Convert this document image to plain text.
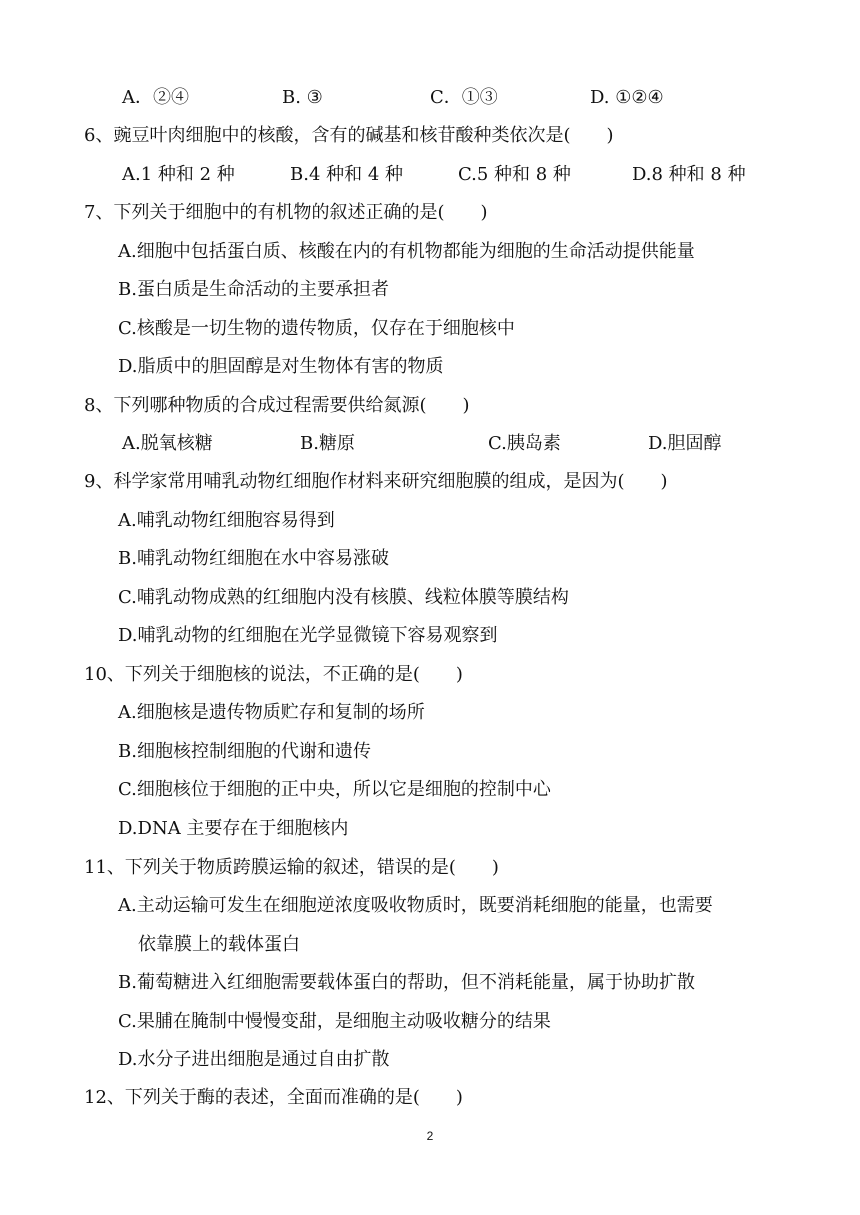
A．②④	B. ③	C．①③	D. ①②④
6、豌豆叶肉细胞中的核酸，含有的碱基和核苷酸种类依次是(　　)
A.1 种和 2 种	B.4 种和 4 种	C.5 种和 8 种	D.8 种和 8 种
7、下列关于细胞中的有机物的叙述正确的是(　　)
A.细胞中包括蛋白质、核酸在内的有机物都能为细胞的生命活动提供能量
B.蛋白质是生命活动的主要承担者
C.核酸是一切生物的遗传物质，仅存在于细胞核中
D.脂质中的胆固醇是对生物体有害的物质
8、下列哪种物质的合成过程需要供给氮源(　　)
A.脱氧核糖	B.糖原	C.胰岛素	D.胆固醇
9、科学家常用哺乳动物红细胞作材料来研究细胞膜的组成，是因为(　　)
A.哺乳动物红细胞容易得到
B.哺乳动物红细胞在水中容易涨破
C.哺乳动物成熟的红细胞内没有核膜、线粒体膜等膜结构
D.哺乳动物的红细胞在光学显微镜下容易观察到
10、下列关于细胞核的说法，不正确的是(　　)
A.细胞核是遗传物质贮存和复制的场所
B.细胞核控制细胞的代谢和遗传
C.细胞核位于细胞的正中央，所以它是细胞的控制中心
D.DNA 主要存在于细胞核内
11、下列关于物质跨膜运输的叙述，错误的是(　　)
A.主动运输可发生在细胞逆浓度吸收物质时，既要消耗细胞的能量，也需要
依靠膜上的载体蛋白
B.葡萄糖进入红细胞需要载体蛋白的帮助，但不消耗能量，属于协助扩散
C.果脯在腌制中慢慢变甜，是细胞主动吸收糖分的结果
D.水分子进出细胞是通过自由扩散
12、下列关于酶的表述，全面而准确的是(　　)
2
